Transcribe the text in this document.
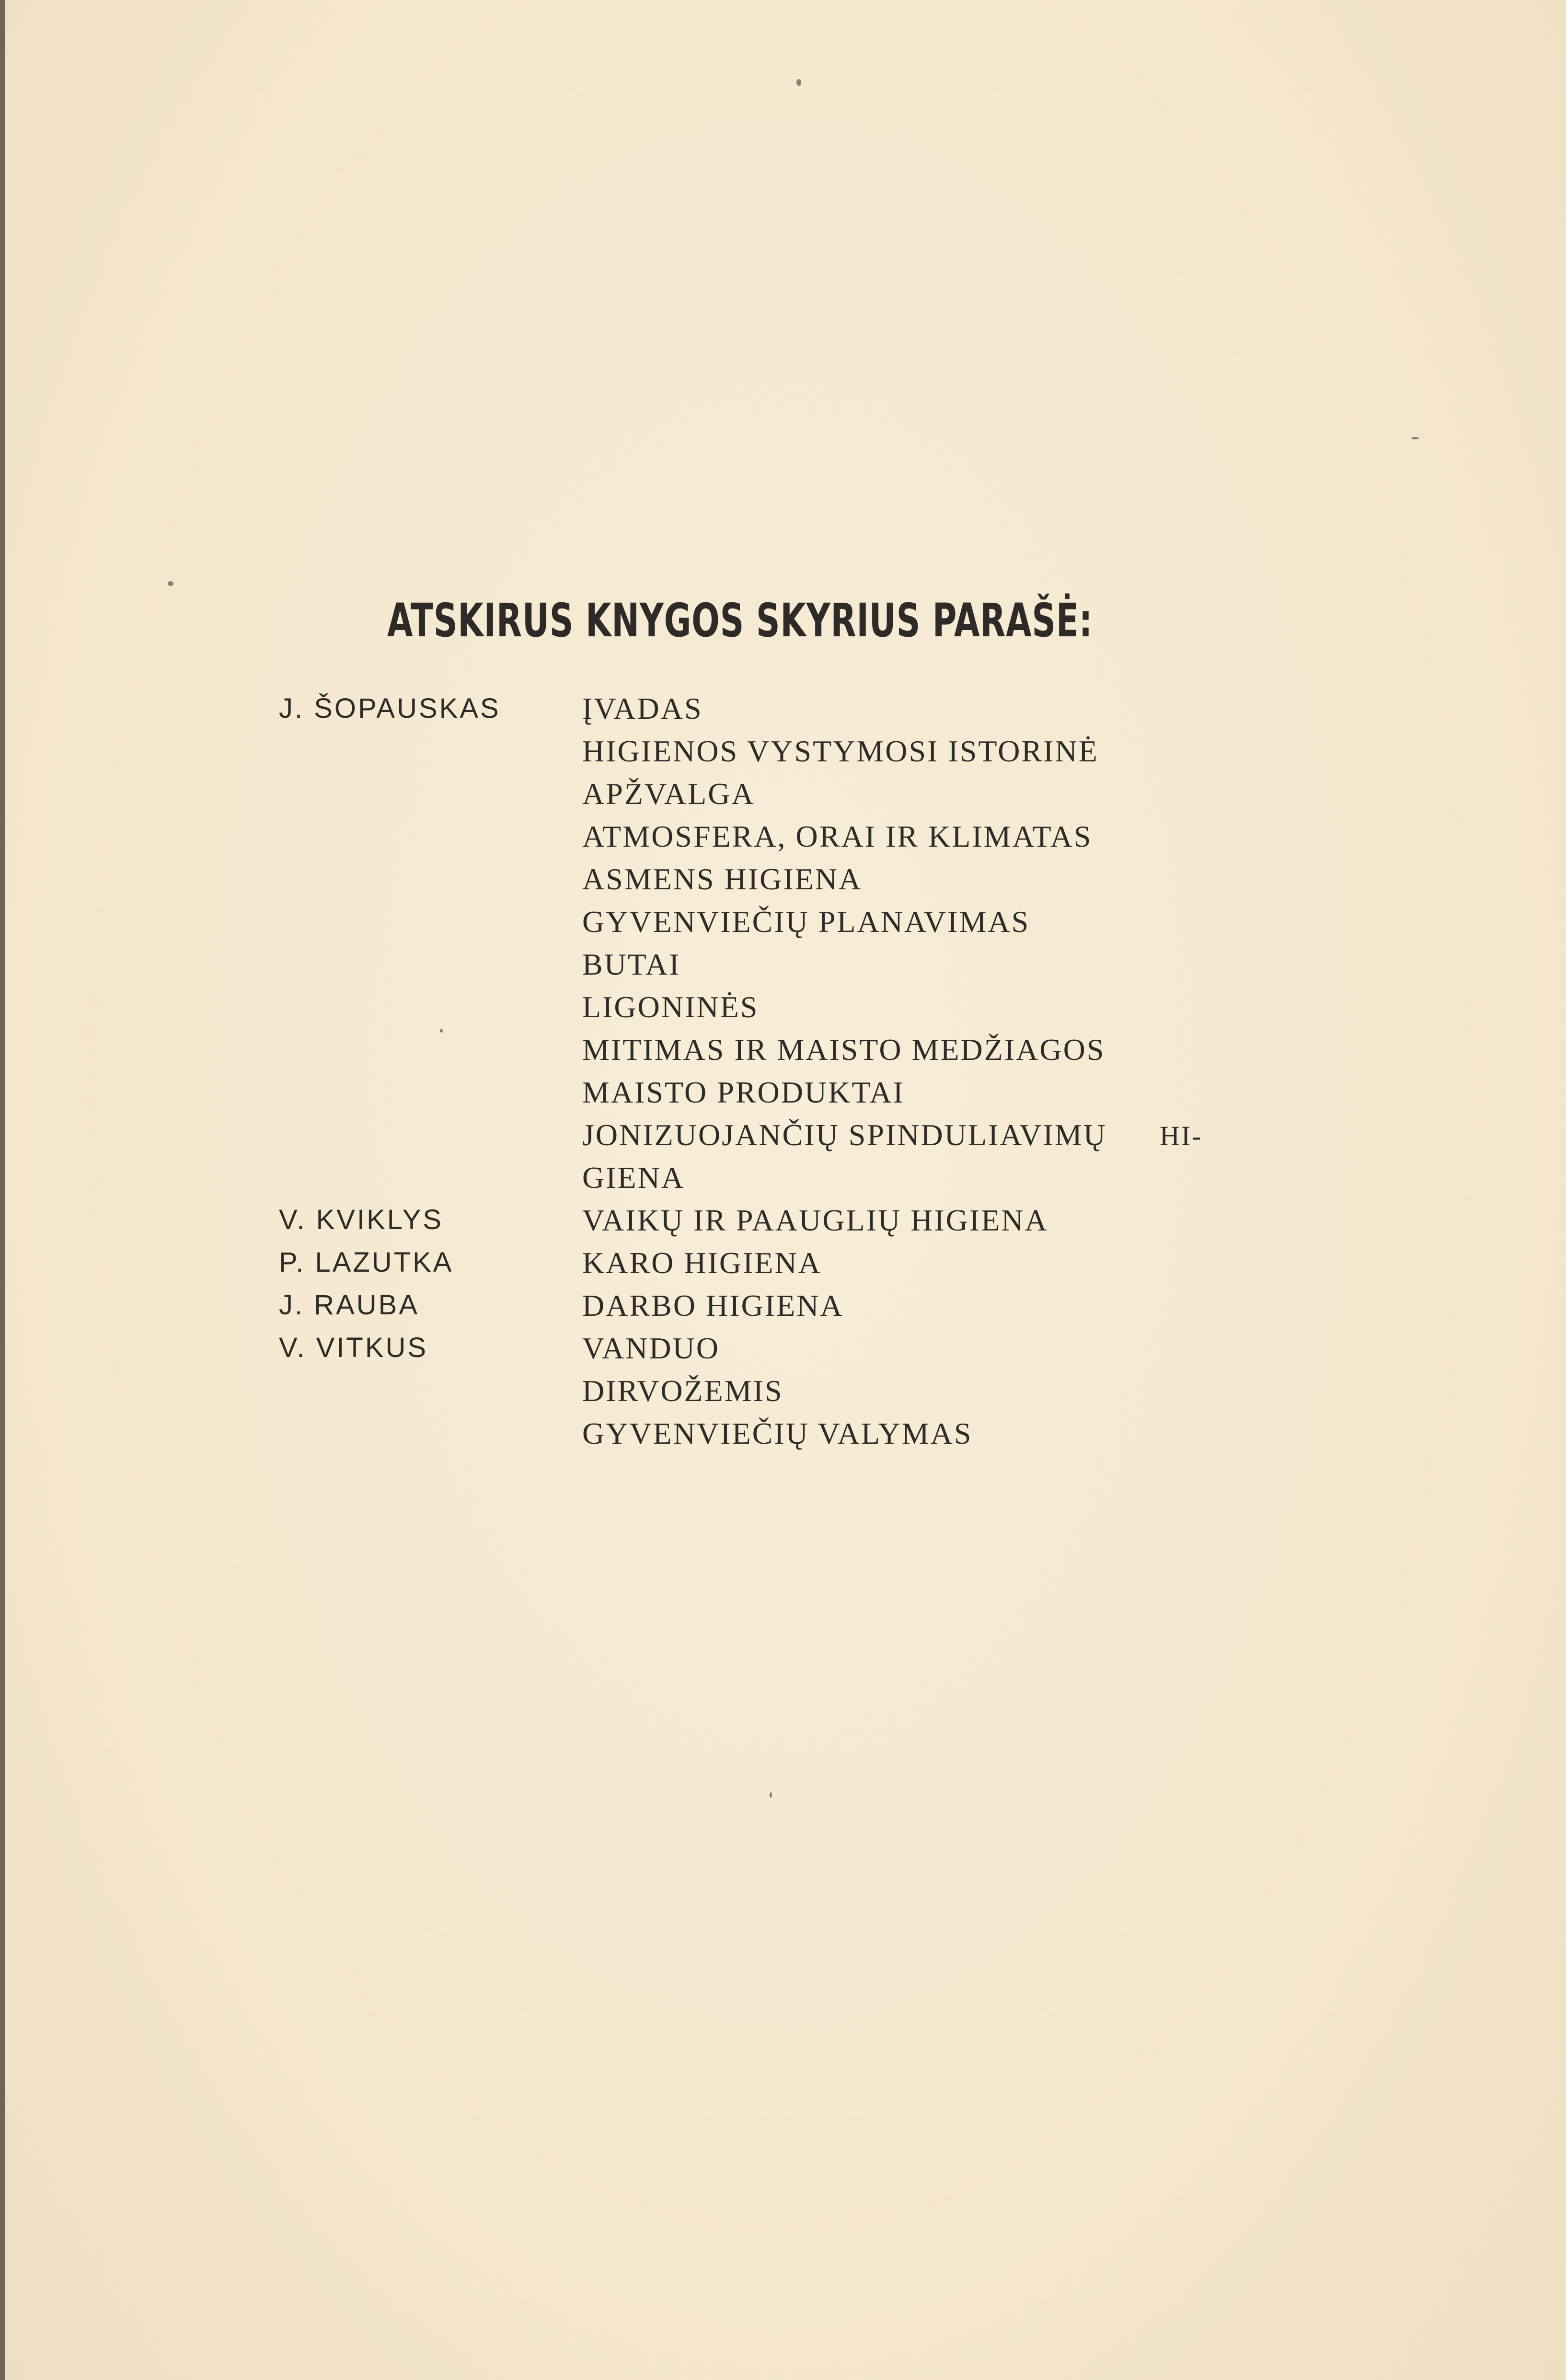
ATSKIRUS KNYGOS SKYRIUS PARAŠĖ:
J. ŠOPAUSKAS
V. KVIKLYS
P. LAZUTKA
J. RAUBA
V. VITKUS
ĮVADAS
HIGIENOS VYSTYMOSI ISTORINĖ
APŽVALGA
ATMOSFERA, ORAI IR KLIMATAS
ASMENS HIGIENA
GYVENVIEČIŲ PLANAVIMAS
BUTAI
LIGONINĖS
MITIMAS IR MAISTO MEDŽIAGOS
MAISTO PRODUKTAI
JONIZUOJANČIŲ SPINDULIAVIMŲ HI-
GIENA
VAIKŲ IR PAAUGLIŲ HIGIENA
KARO HIGIENA
DARBO HIGIENA
VANDUO
DIRVOŽEMIS
GYVENVIEČIŲ VALYMAS
